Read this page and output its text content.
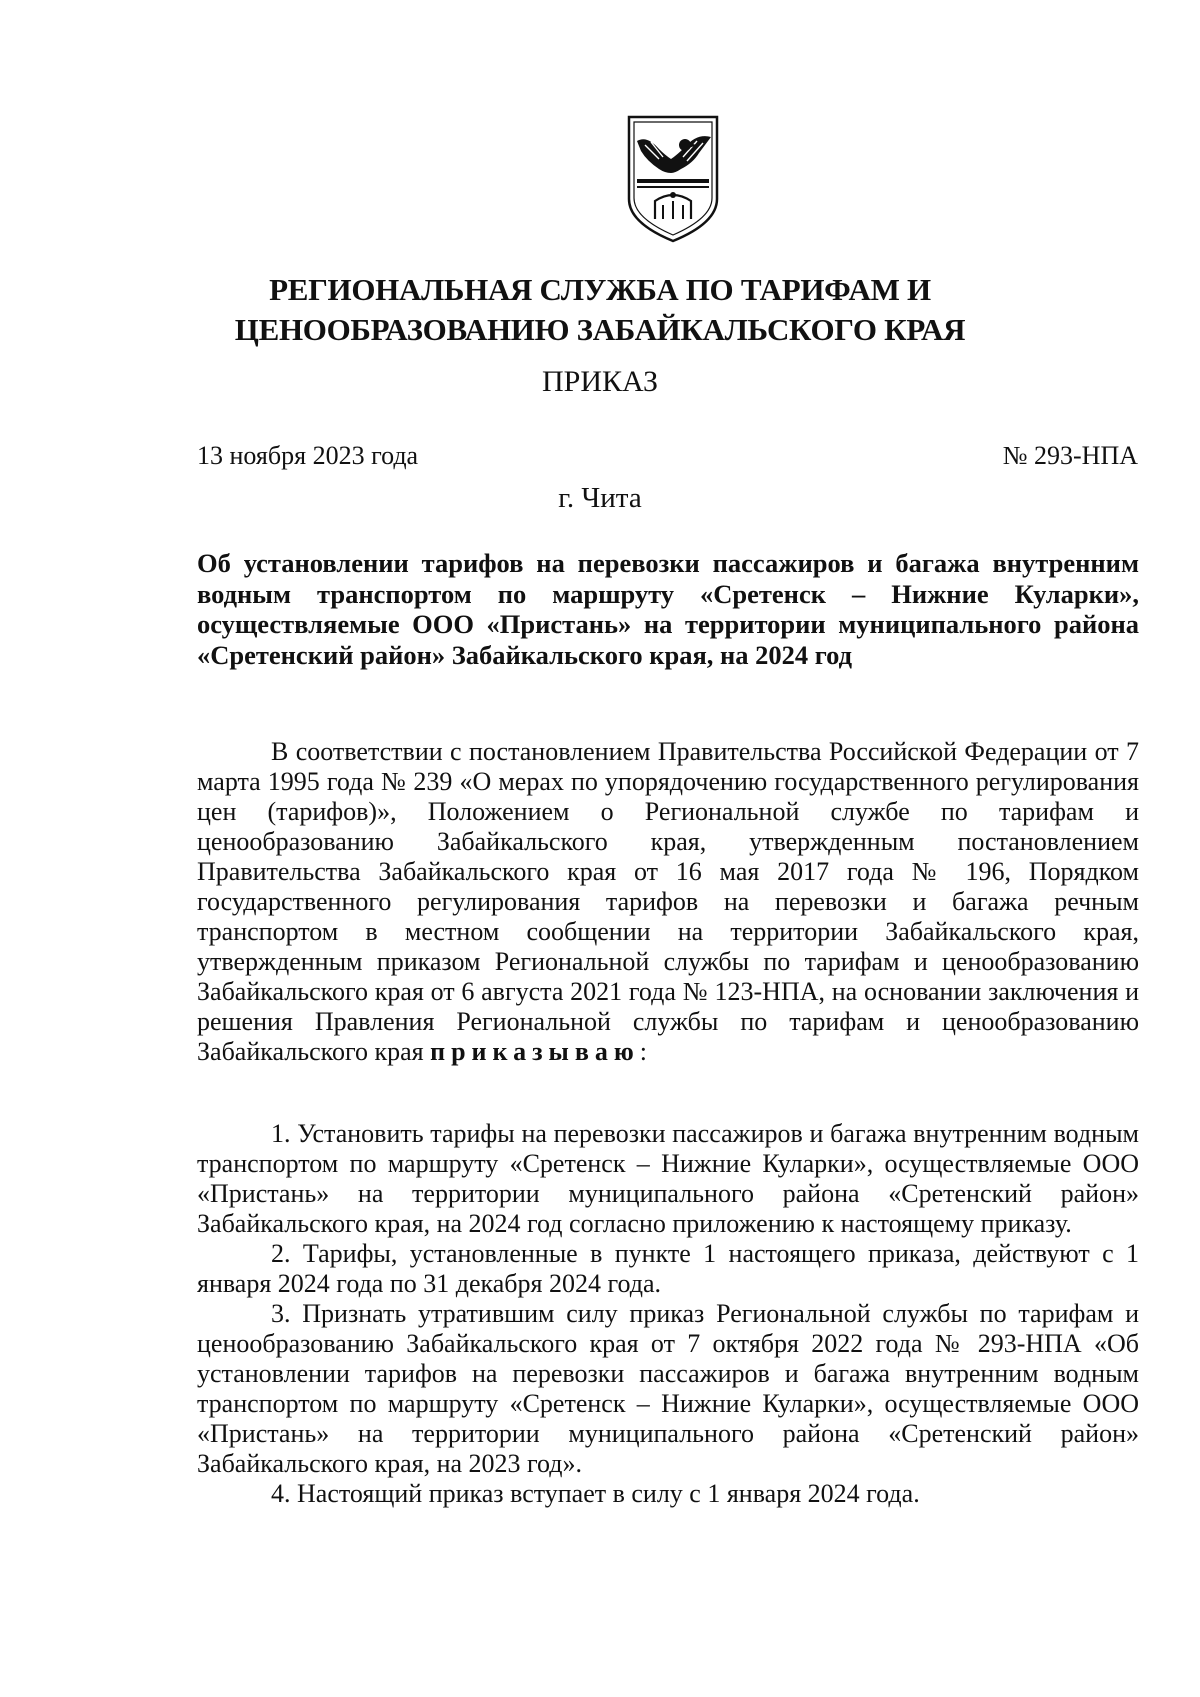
РЕГИОНАЛЬНАЯ СЛУЖБА ПО ТАРИФАМ И
ЦЕНООБРАЗОВАНИЮ ЗАБАЙКАЛЬСКОГО КРАЯ
ПРИКАЗ
13 ноября 2023 года	№ 293-НПА
г. Чита
Об установлении тарифов на перевозки пассажиров и багажа внутренним водным транспортом по маршруту «Сретенск – Нижние Куларки», осуществляемые ООО «Пристань» на территории муниципального района «Сретенский район» Забайкальского края, на 2024 год
В соответствии с постановлением Правительства Российской Федерации от 7 марта 1995 года № 239 «О мерах по упорядочению государственного регулирования цен (тарифов)», Положением о Региональной службе по тарифам и ценообразованию Забайкальского края, утвержденным постановлением Правительства Забайкальского края от 16 мая 2017 года № 196, Порядком государственного регулирования тарифов на перевозки и багажа речным транспортом в местном сообщении на территории Забайкальского края, утвержденным приказом Региональной службы по тарифам и ценообразованию Забайкальского края от 6 августа 2021 года № 123-НПА, на основании заключения и решения Правления Региональной службы по тарифам и ценообразованию Забайкальского края приказываю:

1. Установить тарифы на перевозки пассажиров и багажа внутренним водным транспортом по маршруту «Сретенск – Нижние Куларки», осуществляемые ООО «Пристань» на территории муниципального района «Сретенский район» Забайкальского края, на 2024 год согласно приложению к настоящему приказу.

2. Тарифы, установленные в пункте 1 настоящего приказа, действуют с 1 января 2024 года по 31 декабря 2024 года.

3. Признать утратившим силу приказ Региональной службы по тарифам и ценообразованию Забайкальского края от 7 октября 2022 года № 293-НПА «Об установлении тарифов на перевозки пассажиров и багажа внутренним водным транспортом по маршруту «Сретенск – Нижние Куларки», осуществляемые ООО «Пристань» на территории муниципального района «Сретенский район» Забайкальского края, на 2023 год».

4. Настоящий приказ вступает в силу с 1 января 2024 года.
